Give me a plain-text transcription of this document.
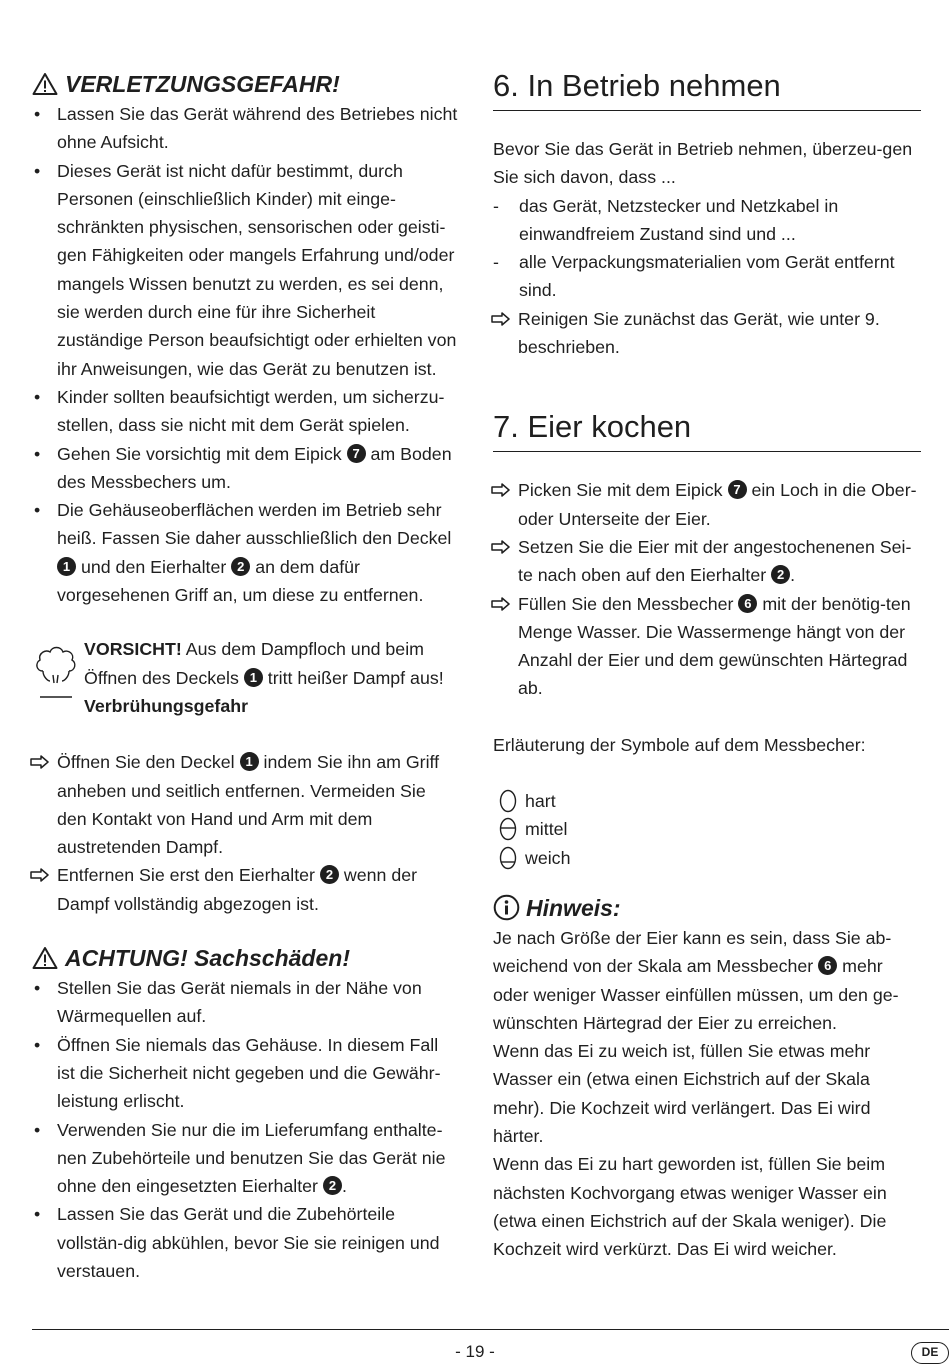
VERLETZUNGSGEFAHR!
• Lassen Sie das Gerät während des Betriebes nicht ohne Aufsicht.
• Dieses Gerät ist nicht dafür bestimmt, durch Personen (einschließlich Kinder) mit einge-schränkten physischen, sensorischen oder geisti-gen Fähigkeiten oder mangels Erfahrung und/oder mangels Wissen benutzt zu werden, es sei denn, sie werden durch eine für ihre Sicherheit zuständige Person beaufsichtigt oder erhielten von ihr Anweisungen, wie das Gerät zu benutzen ist.
• Kinder sollten beaufsichtigt werden, um sicherzu-stellen, dass sie nicht mit dem Gerät spielen.
• Gehen Sie vorsichtig mit dem Eipick 7 am Boden des Messbechers um.
• Die Gehäuseoberflächen werden im Betrieb sehr heiß. Fassen Sie daher ausschließlich den Deckel 1 und den Eierhalter 2 an dem dafür vorgesehenen Griff an, um diese zu entfernen.
VORSICHT! Aus dem Dampfloch und beim Öffnen des Deckels 1 tritt heißer Dampf aus! Verbrühungsgefahr
Öffnen Sie den Deckel 1 indem Sie ihn am Griff anheben und seitlich entfernen. Vermeiden Sie den Kontakt von Hand und Arm mit dem austretenden Dampf.
Entfernen Sie erst den Eierhalter 2 wenn der Dampf vollständig abgezogen ist.
ACHTUNG! Sachschäden!
• Stellen Sie das Gerät niemals in der Nähe von Wärmequellen auf.
• Öffnen Sie niemals das Gehäuse. In diesem Fall ist die Sicherheit nicht gegeben und die Gewähr-leistung erlischt.
• Verwenden Sie nur die im Lieferumfang enthalte-nen Zubehörteile und benutzen Sie das Gerät nie ohne den eingesetzten Eierhalter 2 .
• Lassen Sie das Gerät und die Zubehörteile vollstän-dig abkühlen, bevor Sie sie reinigen und verstauen.
6. In Betrieb nehmen
Bevor Sie das Gerät in Betrieb nehmen, überzeu-gen Sie sich davon, dass ...
- das Gerät, Netzstecker und Netzkabel in einwandfreiem Zustand sind und ...
- alle Verpackungsmaterialien vom Gerät entfernt sind.
Reinigen Sie zunächst das Gerät, wie unter 9. beschrieben.
7. Eier kochen
Picken Sie mit dem Eipick 7 ein Loch in die Ober- oder Unterseite der Eier.
Setzen Sie die Eier mit der angestochenenen Sei-te nach oben auf den Eierhalter 2 .
Füllen Sie den Messbecher 6 mit der benötig-ten Menge Wasser. Die Wassermenge hängt von der Anzahl der Eier und dem gewünschten Härtegrad ab.
Erläuterung der Symbole auf dem Messbecher:
hart
mittel
weich
Hinweis:
Je nach Größe der Eier kann es sein, dass Sie ab-weichend von der Skala am Messbecher 6 mehr oder weniger Wasser einfüllen müssen, um den ge-wünschten Härtegrad der Eier zu erreichen.
Wenn das Ei zu weich ist, füllen Sie etwas mehr Wasser ein (etwa einen Eichstrich auf der Skala mehr). Die Kochzeit wird verlängert. Das Ei wird härter.
Wenn das Ei zu hart geworden ist, füllen Sie beim nächsten Kochvorgang etwas weniger Wasser ein (etwa einen Eichstrich auf der Skala weniger). Die Kochzeit wird verkürzt. Das Ei wird weicher.
- 19 -	DE
